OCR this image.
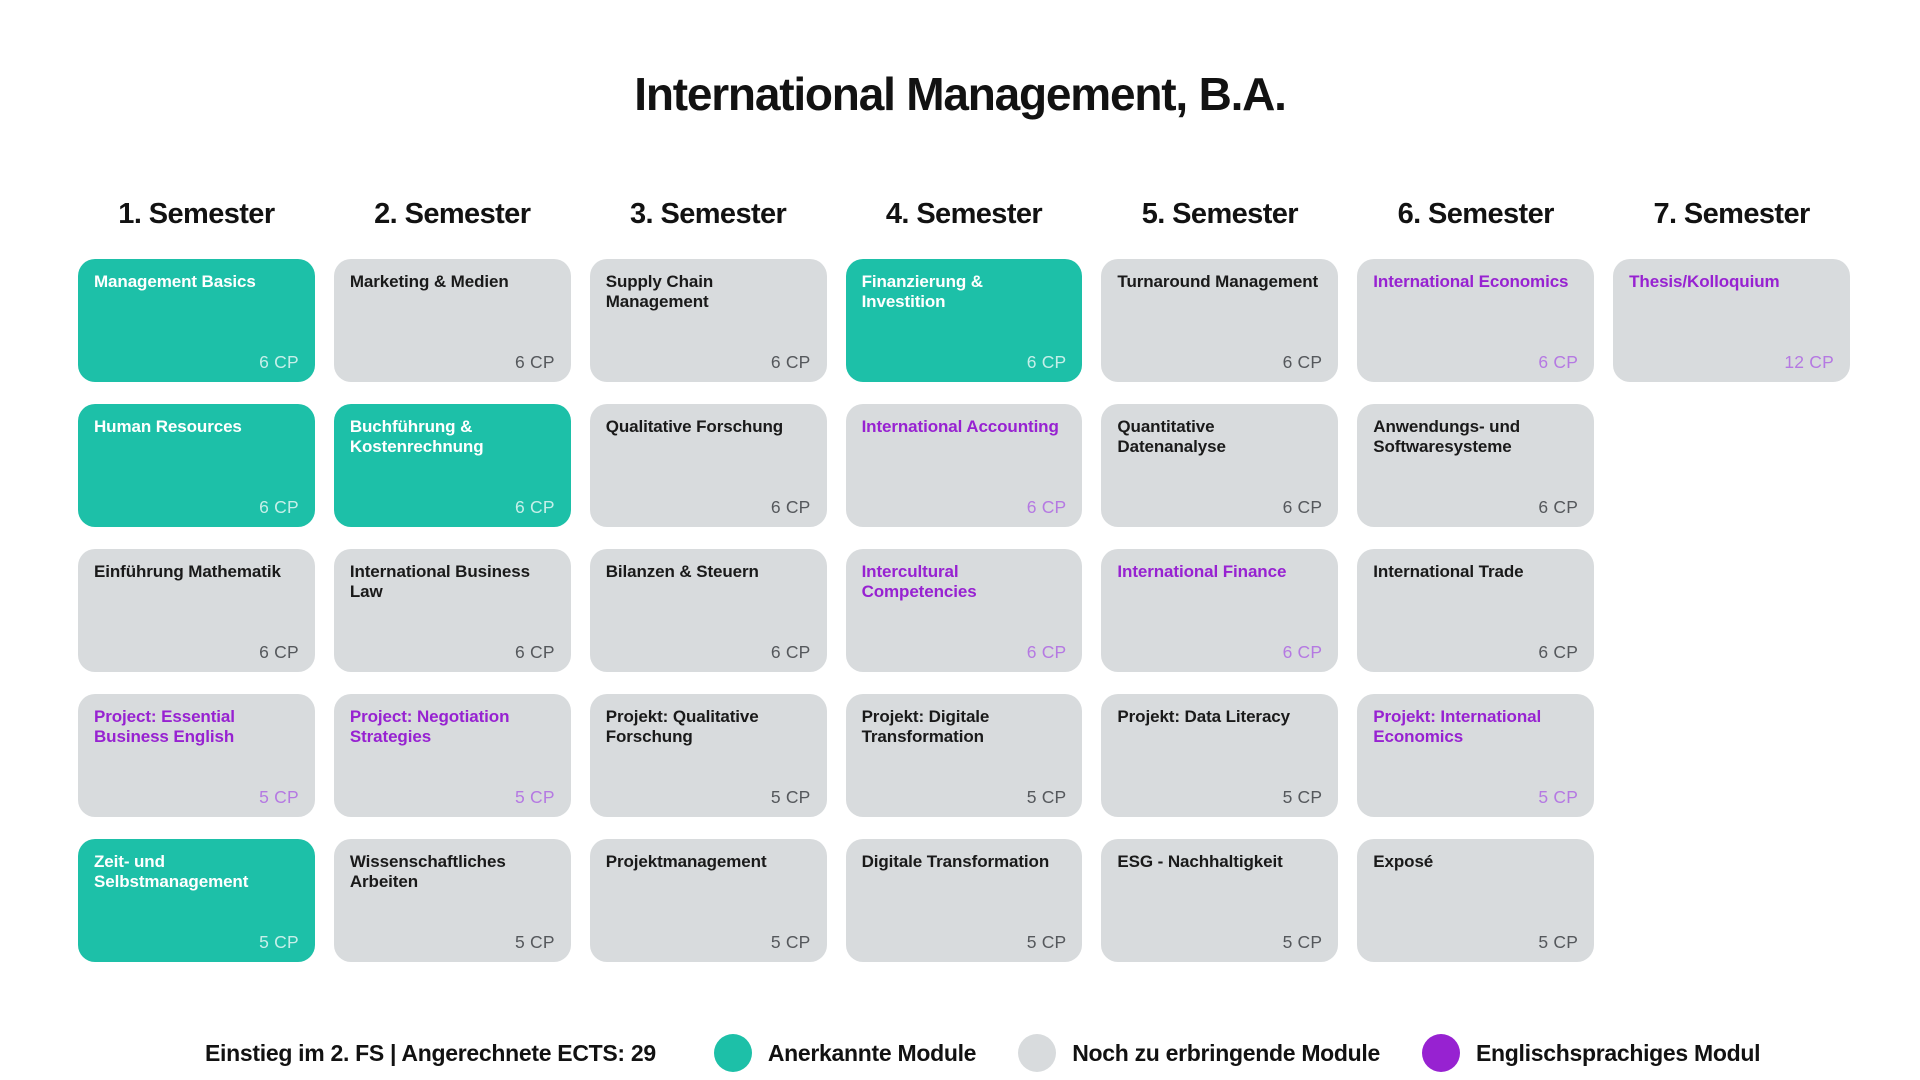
International Management, B.A.
1. Semester
Management Basics
6 CP
Human Resources
6 CP
Einführung Mathematik
6 CP
Project: Essential Business English
5 CP
Zeit- und Selbstmanagement
5 CP
2. Semester
Marketing & Medien
6 CP
Buchführung & Kostenrechnung
6 CP
International Business Law
6 CP
Project: Negotiation Strategies
5 CP
Wissenschaftliches Arbeiten
5 CP
3. Semester
Supply Chain Management
6 CP
Qualitative Forschung
6 CP
Bilanzen & Steuern
6 CP
Projekt: Qualitative Forschung
5 CP
Projektmanagement
5 CP
4. Semester
Finanzierung & Investition
6 CP
International Accounting
6 CP
Intercultural Competencies
6 CP
Projekt: Digitale Transformation
5 CP
Digitale Transformation
5 CP
5. Semester
Turnaround Management
6 CP
Quantitative Datenanalyse
6 CP
International Finance
6 CP
Projekt: Data Literacy
5 CP
ESG - Nachhaltigkeit
5 CP
6. Semester
International Economics
6 CP
Anwendungs- und Softwaresysteme
6 CP
International Trade
6 CP
Projekt: International Economics
5 CP
Exposé
5 CP
7. Semester
Thesis/Kolloquium
12 CP
Einstieg im 2. FS | Angerechnete ECTS: 29	Anerkannte Module	Noch zu erbringende Module	Englischsprachiges Modul
